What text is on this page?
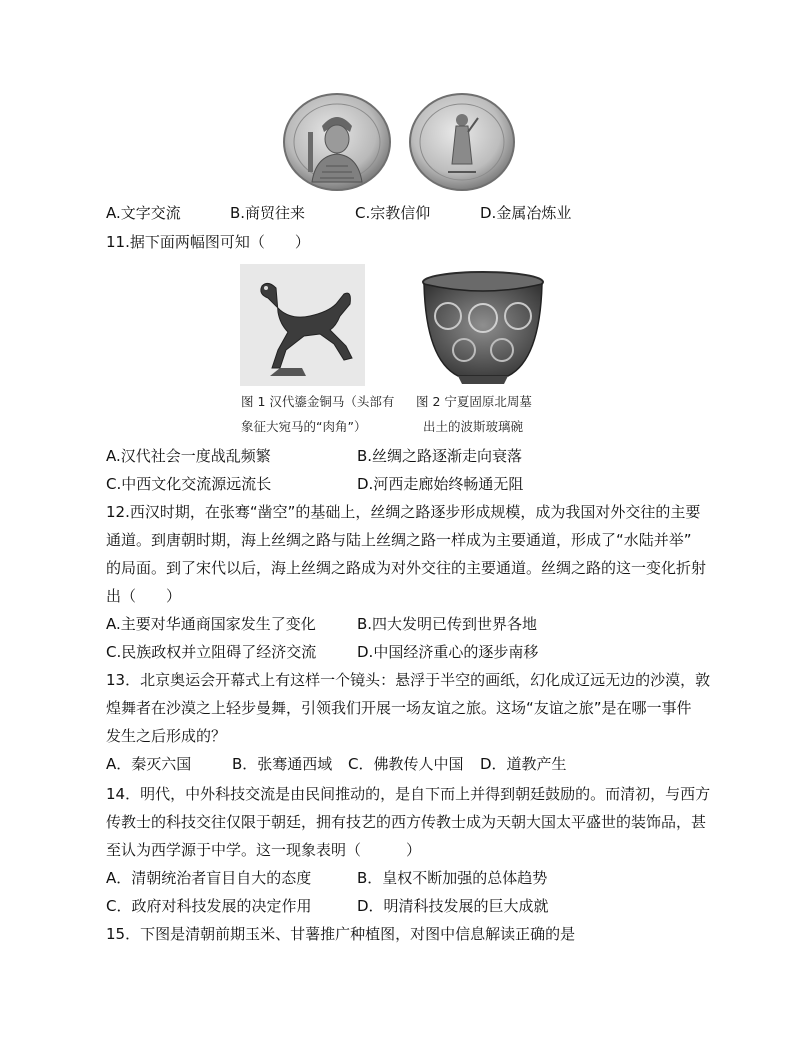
A.文字交流	B.商贸往来	C.宗教信仰	D.金属冶炼业
11.据下面两幅图可知（　　）
图 1 汉代鎏金铜马（头部有
象征大宛马的“肉角”）
图 2 宁夏固原北周墓
出土的波斯玻璃碗
A.汉代社会一度战乱频繁	B.丝绸之路逐渐走向衰落
C.中西文化交流源远流长	D.河西走廊始终畅通无阻
12.西汉时期，在张骞“凿空”的基础上，丝绸之路逐步形成规模，成为我国对外交往的主要
通道。到唐朝时期，海上丝绸之路与陆上丝绸之路一样成为主要通道，形成了“水陆并举”
的局面。到了宋代以后，海上丝绸之路成为对外交往的主要通道。丝绸之路的这一变化折射
出（　　）
A.主要对华通商国家发生了变化	B.四大发明已传到世界各地
C.民族政权并立阻碍了经济交流	D.中国经济重心的逐步南移
13．北京奥运会开幕式上有这样一个镜头：悬浮于半空的画纸，幻化成辽远无边的沙漠，敦
煌舞者在沙漠之上轻步曼舞，引领我们开展一场友谊之旅。这场“友谊之旅”是在哪一事件
发生之后形成的？
A．秦灭六国	B．张骞通西域 C．佛教传人中国 D．道教产生
14．明代，中外科技交流是由民间推动的，是自下而上并得到朝廷鼓励的。而清初，与西方
传教士的科技交往仅限于朝廷，拥有技艺的西方传教士成为天朝大国太平盛世的装饰品，甚
至认为西学源于中学。这一现象表明（　　　）
A．清朝统治者盲目自大的态度	B．皇权不断加强的总体趋势
C．政府对科技发展的决定作用	D．明清科技发展的巨大成就
15．下图是清朝前期玉米、甘薯推广种植图，对图中信息解读正确的是
